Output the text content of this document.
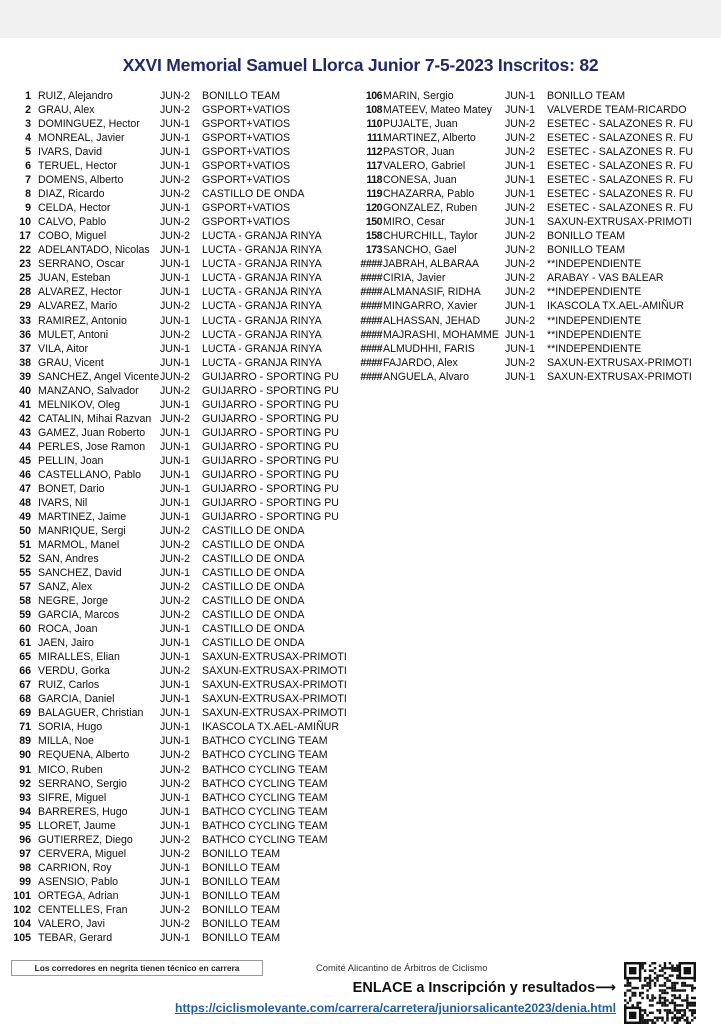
XXVI Memorial Samuel Llorca Junior 7-5-2023 Inscritos: 82
1 RUIZ, Alejandro	JUN-2 BONILLO TEAM
2 GRAU, Alex	JUN-2 GSPORT+VATIOS
3 DOMINGUEZ, Hector JUN-1 GSPORT+VATIOS
4 MONREAL, Javier	JUN-1 GSPORT+VATIOS
5 IVARS, David	JUN-1 GSPORT+VATIOS
6 TERUEL, Hector	JUN-1 GSPORT+VATIOS
7 DOMENS, Alberto	JUN-2 GSPORT+VATIOS
8 DIAZ, Ricardo	JUN-2 CASTILLO DE ONDA
9 CELDA, Hector	JUN-1 GSPORT+VATIOS
10 CALVO, Pablo	JUN-2 GSPORT+VATIOS
17 COBO, Miguel	JUN-2 LUCTA - GRANJA RINYA
22 ADELANTADO, Nicolas JUN-1 LUCTA - GRANJA RINYA
23 SERRANO, Oscar	JUN-1 LUCTA - GRANJA RINYA
25 JUAN, Esteban	JUN-1 LUCTA - GRANJA RINYA
28 ALVAREZ, Hector	JUN-1 LUCTA - GRANJA RINYA
29 ALVAREZ, Mario	JUN-2 LUCTA - GRANJA RINYA
33 RAMIREZ, Antonio	JUN-1 LUCTA - GRANJA RINYA
36 MULET, Antoni	JUN-2 LUCTA - GRANJA RINYA
37 VILA, Aitor	JUN-1 LUCTA - GRANJA RINYA
38 GRAU, Vicent	JUN-1 LUCTA - GRANJA RINYA
39 SANCHEZ, Angel Vicente JUN-2 GUIJARRO - SPORTING PU
40 MANZANO, Salvador JUN-2 GUIJARRO - SPORTING PU
41 MELNIKOV, Oleg	JUN-1 GUIJARRO - SPORTING PU
42 CATALIN, Mihai Razvan JUN-2 GUIJARRO - SPORTING PU
43 GAMEZ, Juan Roberto JUN-1 GUIJARRO - SPORTING PU
44 PERLES, Jose Ramon JUN-1 GUIJARRO - SPORTING PU
45 PELLIN, Joan	JUN-1 GUIJARRO - SPORTING PU
46 CASTELLANO, Pablo JUN-1 GUIJARRO - SPORTING PU
47 BONET, Dario	JUN-1 GUIJARRO - SPORTING PU
48 IVARS, Nil	JUN-1 GUIJARRO - SPORTING PU
49 MARTINEZ, Jaime	JUN-1 GUIJARRO - SPORTING PU
50 MANRIQUE, Sergi	JUN-2 CASTILLO DE ONDA
51 MARMOL, Manel	JUN-2 CASTILLO DE ONDA
52 SAN, Andres	JUN-2 CASTILLO DE ONDA
55 SANCHEZ, David	JUN-1 CASTILLO DE ONDA
57 SANZ, Alex	JUN-2 CASTILLO DE ONDA
58 NEGRE, Jorge	JUN-2 CASTILLO DE ONDA
59 GARCIA, Marcos	JUN-2 CASTILLO DE ONDA
60 ROCA, Joan	JUN-1 CASTILLO DE ONDA
61 JAEN, Jairo	JUN-1 CASTILLO DE ONDA
65 MIRALLES, Elian	JUN-1 SAXUN-EXTRUSAX-PRIMOTI
66 VERDU, Gorka	JUN-2 SAXUN-EXTRUSAX-PRIMOTI
67 RUIZ, Carlos	JUN-1 SAXUN-EXTRUSAX-PRIMOTI
68 GARCIA, Daniel	JUN-1 SAXUN-EXTRUSAX-PRIMOTI
69 BALAGUER, Christian JUN-1 SAXUN-EXTRUSAX-PRIMOTI
71 SORIA, Hugo	JUN-1 IKASCOLA TX.AEL-AMIÑUR
89 MILLA, Noe	JUN-1 BATHCO CYCLING TEAM
90 REQUENA, Alberto	JUN-2 BATHCO CYCLING TEAM
91 MICO, Ruben	JUN-2 BATHCO CYCLING TEAM
92 SERRANO, Sergio	JUN-2 BATHCO CYCLING TEAM
93 SIFRE, Miguel	JUN-1 BATHCO CYCLING TEAM
94 BARRERES, Hugo	JUN-1 BATHCO CYCLING TEAM
95 LLORET, Jaume	JUN-1 BATHCO CYCLING TEAM
96 GUTIERREZ, Diego	JUN-2 BATHCO CYCLING TEAM
97 CERVERA, Miguel	JUN-2 BONILLO TEAM
98 CARRION, Roy	JUN-1 BONILLO TEAM
99 ASENSIO, Pablo	JUN-1 BONILLO TEAM
101 ORTEGA, Adrian	JUN-1 BONILLO TEAM
102 CENTELLES, Fran	JUN-2 BONILLO TEAM
104 VALERO, Javi	JUN-2 BONILLO TEAM
105 TEBAR, Gerard	JUN-1 BONILLO TEAM
106 MARIN, Sergio	JUN-1 BONILLO TEAM
108 MATEEV, Mateo Matey JUN-1 VALVERDE TEAM-RICARDO
110 PUJALTE, Juan	JUN-2 ESETEC - SALAZONES R. FU
111 MARTINEZ, Alberto	JUN-2 ESETEC - SALAZONES R. FU
112 PASTOR, Juan	JUN-2 ESETEC - SALAZONES R. FU
117 VALERO, Gabriel	JUN-1 ESETEC - SALAZONES R. FU
118 CONESA, Juan	JUN-1 ESETEC - SALAZONES R. FU
119 CHAZARRA, Pablo	JUN-1 ESETEC - SALAZONES R. FU
120 GONZALEZ, Ruben	JUN-2 ESETEC - SALAZONES R. FU
150 MIRO, Cesar	JUN-1 SAXUN-EXTRUSAX-PRIMOTI
158 CHURCHILL, Taylor	JUN-2 BONILLO TEAM
173 SANCHO, Gael	JUN-2 BONILLO TEAM
#### JABRAH, ALBARAA JUN-2 **INDEPENDIENTE
#### CIRIA, Javier	JUN-2 ARABAY - VAS BALEAR
#### ALMANASIF, RIDHA JUN-2 **INDEPENDIENTE
#### MINGARRO, Xavier	JUN-1 IKASCOLA TX.AEL-AMIÑUR
#### ALHASSAN, JEHAD JUN-2 **INDEPENDIENTE
#### MAJRASHI, MOHAMME JUN-1 **INDEPENDIENTE
#### ALMUDHHI, FARIS	JUN-1 **INDEPENDIENTE
#### FAJARDO, Alex	JUN-2 SAXUN-EXTRUSAX-PRIMOTI
#### ANGUELA, Alvaro	JUN-1 SAXUN-EXTRUSAX-PRIMOTI
Los corredores en negrita tienen técnico en carrera	Comité Alicantino de Árbitros de Ciclismo
ENLACE a Inscripción y resultados⟶
https://ciclismolevante.com/carrera/carretera/juniorsalicante2023/denia.html
